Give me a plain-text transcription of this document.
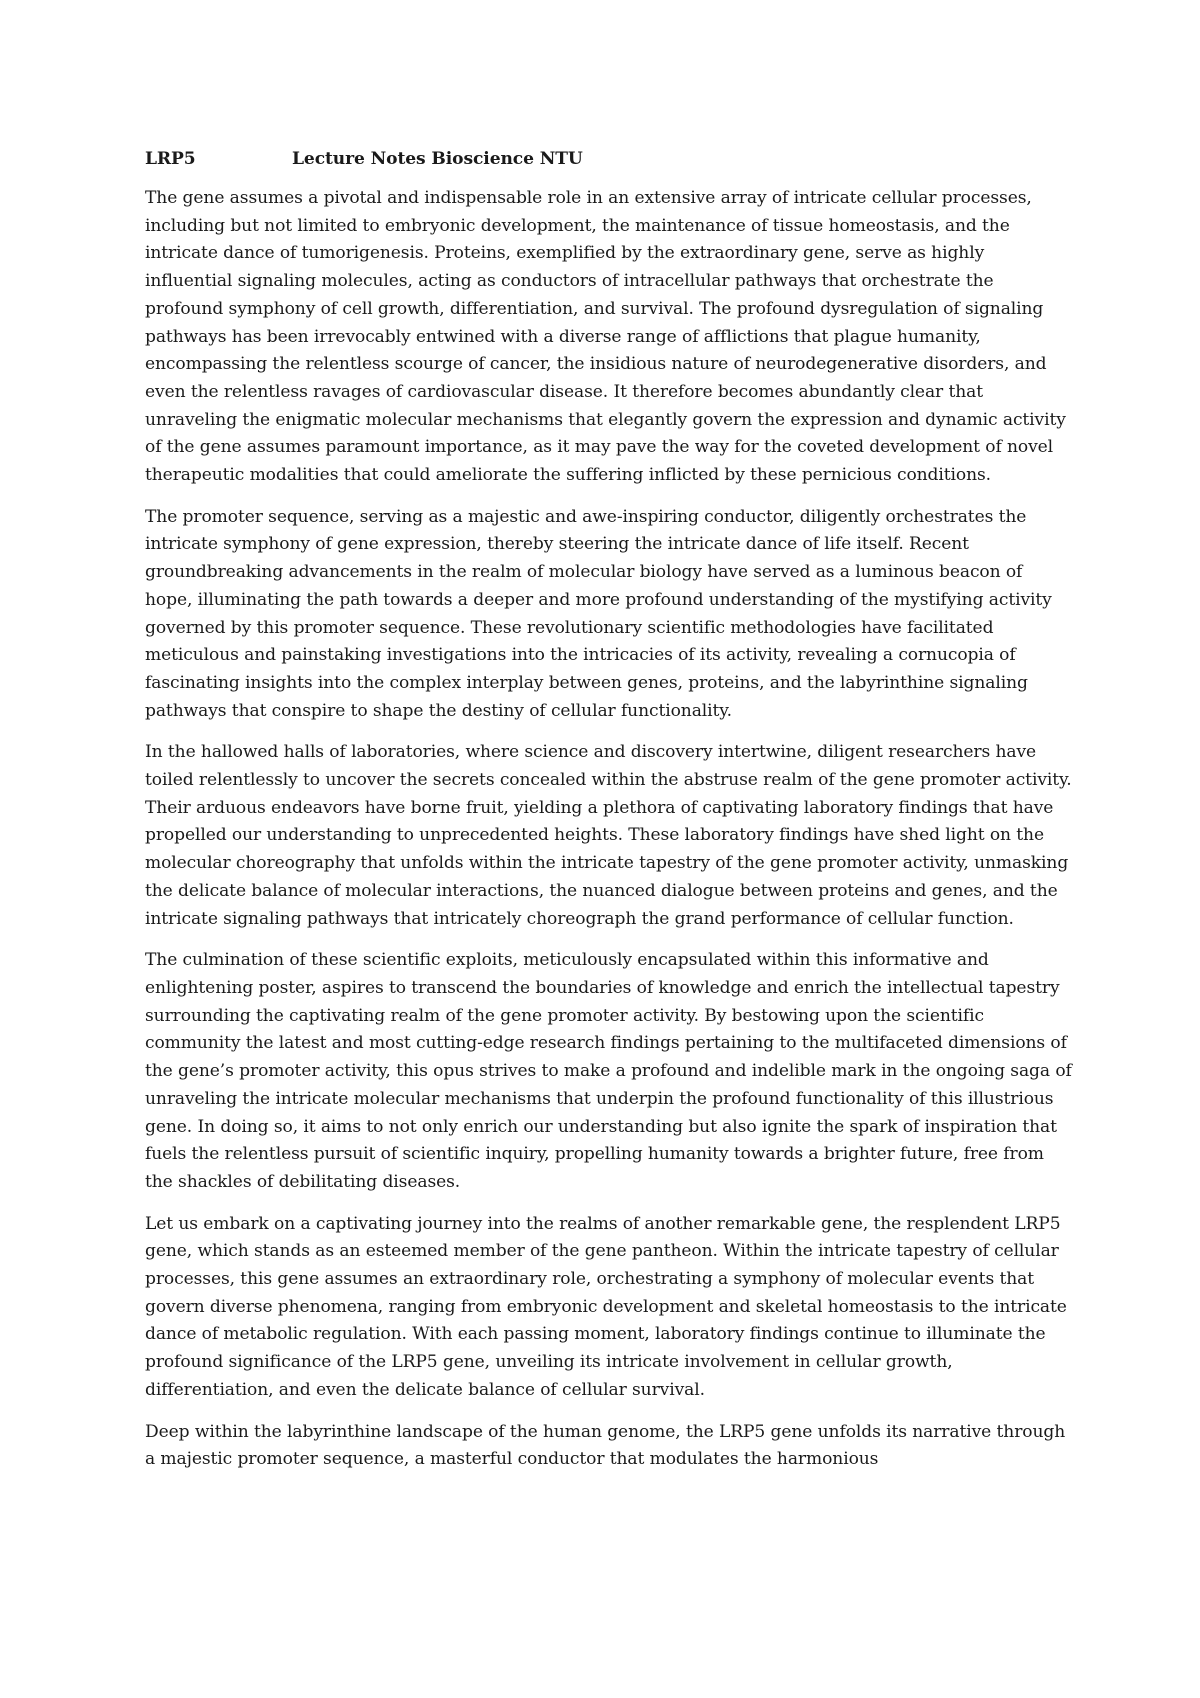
LRP5	Lecture Notes Bioscience NTU

The gene assumes a pivotal and indispensable role in an extensive array of intricate cellular processes, including but not limited to embryonic development, the maintenance of tissue homeostasis, and the intricate dance of tumorigenesis. Proteins, exemplified by the extraordinary gene, serve as highly influential signaling molecules, acting as conductors of intracellular pathways that orchestrate the profound symphony of cell growth, differentiation, and survival. The profound dysregulation of signaling pathways has been irrevocably entwined with a diverse range of afflictions that plague humanity, encompassing the relentless scourge of cancer, the insidious nature of neurodegenerative disorders, and even the relentless ravages of cardiovascular disease. It therefore becomes abundantly clear that unraveling the enigmatic molecular mechanisms that elegantly govern the expression and dynamic activity of the gene assumes paramount importance, as it may pave the way for the coveted development of novel therapeutic modalities that could ameliorate the suffering inflicted by these pernicious conditions.

The promoter sequence, serving as a majestic and awe-inspiring conductor, diligently orchestrates the intricate symphony of gene expression, thereby steering the intricate dance of life itself. Recent groundbreaking advancements in the realm of molecular biology have served as a luminous beacon of hope, illuminating the path towards a deeper and more profound understanding of the mystifying activity governed by this promoter sequence. These revolutionary scientific methodologies have facilitated meticulous and painstaking investigations into the intricacies of its activity, revealing a cornucopia of fascinating insights into the complex interplay between genes, proteins, and the labyrinthine signaling pathways that conspire to shape the destiny of cellular functionality.

In the hallowed halls of laboratories, where science and discovery intertwine, diligent researchers have toiled relentlessly to uncover the secrets concealed within the abstruse realm of the gene promoter activity. Their arduous endeavors have borne fruit, yielding a plethora of captivating laboratory findings that have propelled our understanding to unprecedented heights. These laboratory findings have shed light on the molecular choreography that unfolds within the intricate tapestry of the gene promoter activity, unmasking the delicate balance of molecular interactions, the nuanced dialogue between proteins and genes, and the intricate signaling pathways that intricately choreograph the grand performance of cellular function.

The culmination of these scientific exploits, meticulously encapsulated within this informative and enlightening poster, aspires to transcend the boundaries of knowledge and enrich the intellectual tapestry surrounding the captivating realm of the gene promoter activity. By bestowing upon the scientific community the latest and most cutting-edge research findings pertaining to the multifaceted dimensions of the gene’s promoter activity, this opus strives to make a profound and indelible mark in the ongoing saga of unraveling the intricate molecular mechanisms that underpin the profound functionality of this illustrious gene. In doing so, it aims to not only enrich our understanding but also ignite the spark of inspiration that fuels the relentless pursuit of scientific inquiry, propelling humanity towards a brighter future, free from the shackles of debilitating diseases.

Let us embark on a captivating journey into the realms of another remarkable gene, the resplendent LRP5 gene, which stands as an esteemed member of the gene pantheon. Within the intricate tapestry of cellular processes, this gene assumes an extraordinary role, orchestrating a symphony of molecular events that govern diverse phenomena, ranging from embryonic development and skeletal homeostasis to the intricate dance of metabolic regulation. With each passing moment, laboratory findings continue to illuminate the profound significance of the LRP5 gene, unveiling its intricate involvement in cellular growth, differentiation, and even the delicate balance of cellular survival.

Deep within the labyrinthine landscape of the human genome, the LRP5 gene unfolds its narrative through a majestic promoter sequence, a masterful conductor that modulates the harmonious
